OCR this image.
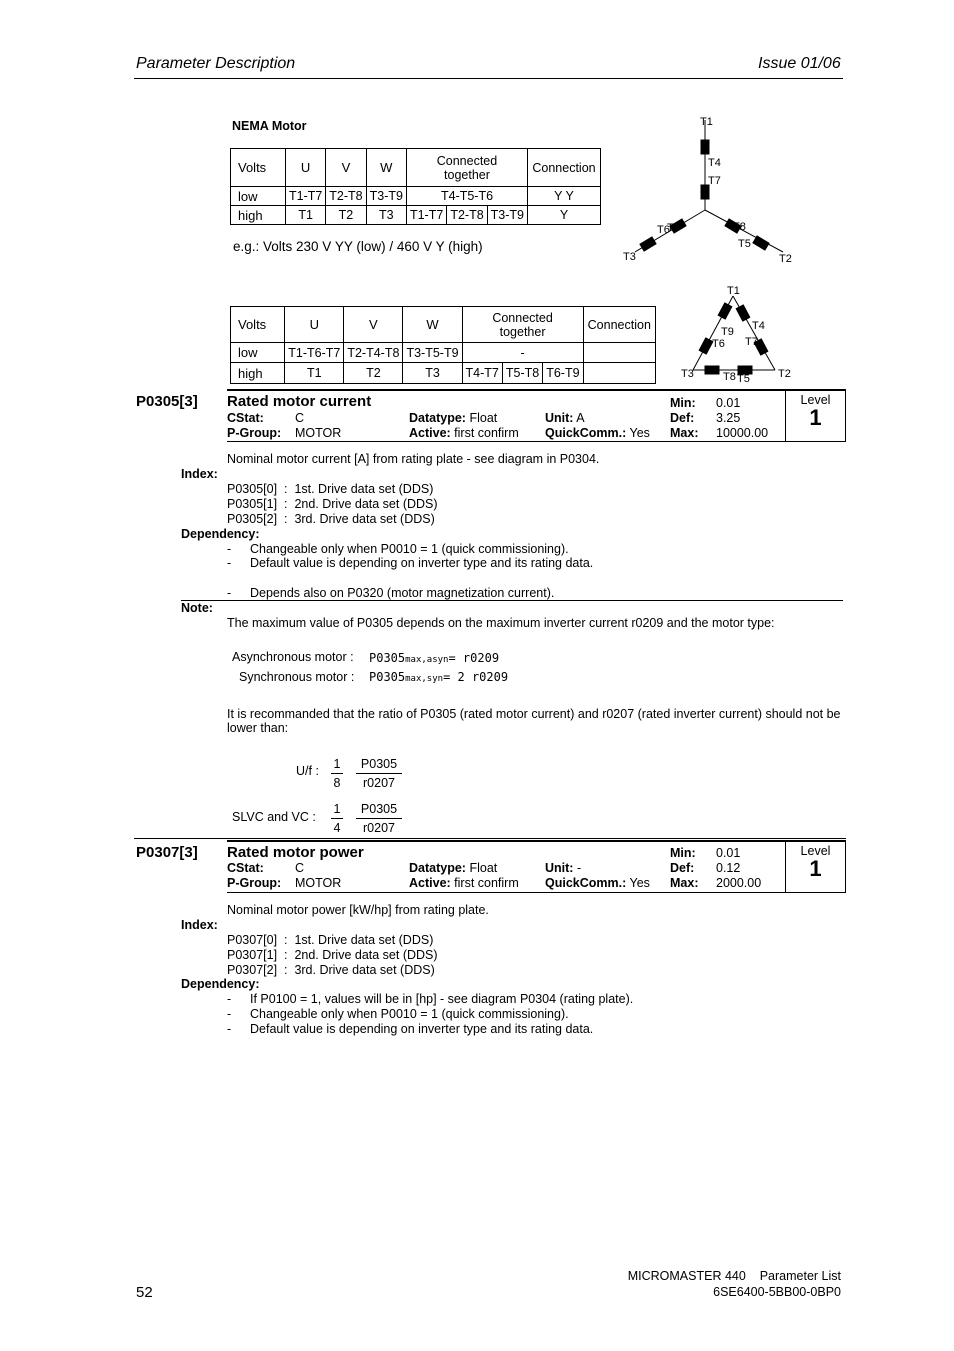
Parameter Description	Issue 01/06
NEMA Motor
Volts	U	V	W	Connected together			Connection
low	T1-T7	T2-T8	T3-T9	T4-T5-T6			Y Y
high	T1	T2	T3	T1-T7	T2-T8	T3-T9	Y
e.g.: Volts 230 V YY (low) / 460 V Y (high)
T1
T4
T7
T6
T9	T8
T5
T3	T2
Volts	U	V	W	Connected together			Connection
low	T1-T6-T7	T2-T4-T8	T3-T5-T9	-			
high	T1	T2	T3	T4-T7	T5-T8	T6-T9	
T1
T9 T4
T6 T7
T3	T8 T5	T2
Level
1
P0305[3] Rated motor current
CStat: C
P-Group: MOTOR
Datatype: Float
Active: first confirm
Unit: A
QuickComm.: Yes
Min: 0.01
Def: 3.25
Max: 10000.00
Nominal motor current [A] from rating plate - see diagram in P0304.
Index:
P0305[0] : 1st. Drive data set (DDS)
P0305[1] : 2nd. Drive data set (DDS)
P0305[2] : 3rd. Drive data set (DDS)
Dependency:
- Changeable only when P0010 = 1 (quick commissioning).
- Default value is depending on inverter type and its rating data.
- Depends also on P0320 (motor magnetization current).
Note:
The maximum value of P0305 depends on the maximum inverter current r0209 and the motor type:
Asynchronous motor : P0305max,asyn= r0209
Synchronous motor : P0305max,syn= 2 r0209
It is recommanded that the ratio of P0305 (rated motor current) and r0207 (rated inverter current) should not be lower than:
U/f : 1
8
P0305
r0207
SLVC and VC :
1
4
P0305
r0207
Level
1
P0307[3] Rated motor power
CStat: C
P-Group: MOTOR
Datatype: Float
Active: first confirm
Unit: -
QuickComm.: Yes
Min: 0.01
Def: 0.12
Max: 2000.00
Nominal motor power [kW/hp] from rating plate.
Index:
P0307[0] : 1st. Drive data set (DDS)
P0307[1] : 2nd. Drive data set (DDS)
P0307[2] : 3rd. Drive data set (DDS)
Dependency:
- If P0100 = 1, values will be in [hp] - see diagram P0304 (rating plate).
- Changeable only when P0010 = 1 (quick commissioning).
- Default value is depending on inverter type and its rating data.
52
MICROMASTER 440    Parameter List
6SE6400-5BB00-0BP0
